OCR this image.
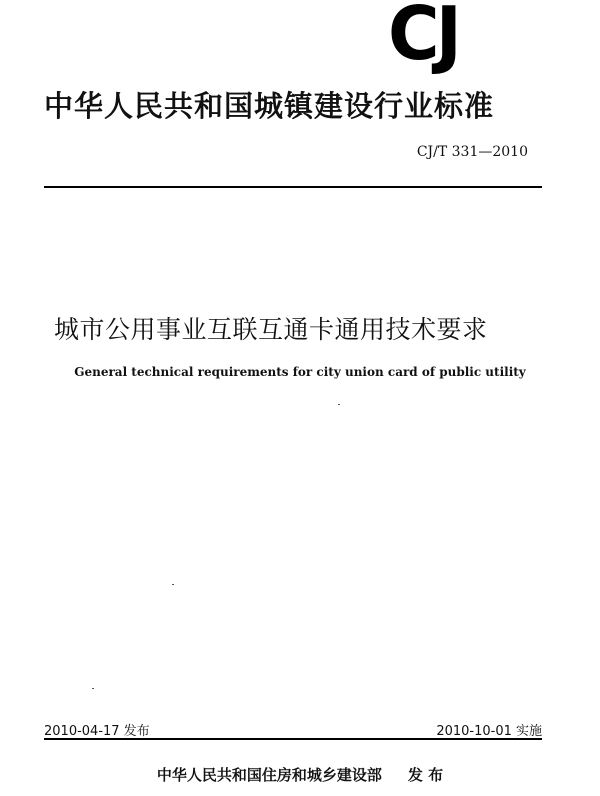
CJ
中华人民共和国城镇建设行业标准
CJ/T 331—2010
城市公用事业互联互通卡通用技术要求
General technical requirements for city union card of public utility
2010-04-17 发布	2010-10-01 实施
中华人民共和国住房和城乡建设部 发 布
